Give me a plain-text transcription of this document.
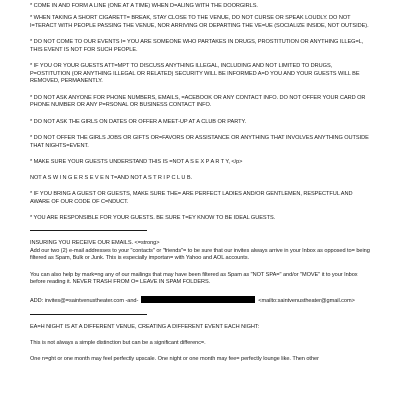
* COME IN AND FORM A LINE (ONE AT A TIME) WHEN D=ALING WITH THE DOORGIRLS.

* WHEN TAKING A SHORT CIGARETT= BREAK, STAY CLOSE TO THE VENUE, DO NOT CURSE OR SPEAK LOUDLY. DO NOT I=TERACT WITH PEOPLE PASSING THE VENUE, NOR ARRIVING OR DEPARTING THE VE=UE (SOCIALIZE INSIDE, NOT OUTSIDE).

* DO NOT COME TO OUR EVENTS I= YOU ARE SOMEONE WHO PARTAKES IN DRUGS, PROSTITUTION OR ANYTHING ILLEG=L, THIS EVENT IS NOT FOR SUCH PEOPLE.

* IF YOU OR YOUR GUESTS ATT=MPT TO DISCUSS ANYTHING ILLEGAL, INCLUDING AND NOT LIMITED TO DRUGS, P=OSTITUTION (OR ANYTHING ILLEGAL OR RELATED) SECURITY WILL BE INFORMED A=D YOU AND YOUR GUESTS WILL BE REMOVED, PERMANENTLY.

* DO NOT ASK ANYONE FOR PHONE NUMBERS, EMAILS, =ACEBOOK OR ANY CONTACT INFO. DO NOT OFFER YOUR CARD OR PHONE NUMBER OR ANY P=RSONAL OR BUSINESS CONTACT INFO.

* DO NOT ASK THE GIRLS ON DATES OR OFFER A MEET-UP AT A CLUB OR PARTY.

* DO NOT OFFER THE GIRLS JOBS OR GIFTS OR=FAVORS OR ASSISTANCE OR ANYTHING THAT INVOLVES ANYTHING OUTSIDE THAT NIGHTS=EVENT.

* MAKE SURE YOUR GUESTS UNDERSTAND THIS IS =NOT A S E X P A R T Y, </p>

NOT A S W I N G E R S E V E N T=AND NOT A S T R I P C L U B.

* IF YOU BRING A GUEST OR GUESTS, MAKE SURE THE= ARE PERFECT LADIES AND/OR GENTLEMEN, RESPECTFUL AND AWARE OF OUR CODE OF C=NDUCT.

* YOU ARE RESPONSIBLE FOR YOUR GUESTS. BE SURE T=EY KNOW TO BE IDEAL GUESTS.

INSURING YOU RECEIVE OUR EMAILS. <=strong>

Add our two (2) e-mail addresses to your "contacts" or "friends"= to be sure that our invites always arrive in your Inbox as opposed to= being filtered as Spam, Bulk or Junk. This is especially importan= with Yahoo and AOL accounts.

You can also help by mark=ng any of our mailings that may have been filtered as Spam as "NOT SPA=" and/or "MOVE" it to your Inbox before reading it. NEVER TRASH FROM O= LEAVE IN SPAM FOLDERS.

ADD: invites@=saintvenustheater.com -and-	<mailto:saintvenustheater@gmail.com>

EA=H NIGHT IS AT A DIFFERENT VENUE, CREATING A DIFFERENT EVENT EACH NIGHT:

This is not always a simple distinction but can be a significant differenc=.

One n=ght or one month may feel perfectly upscale. One night or one month may fee= perfectly lounge like. Then other
